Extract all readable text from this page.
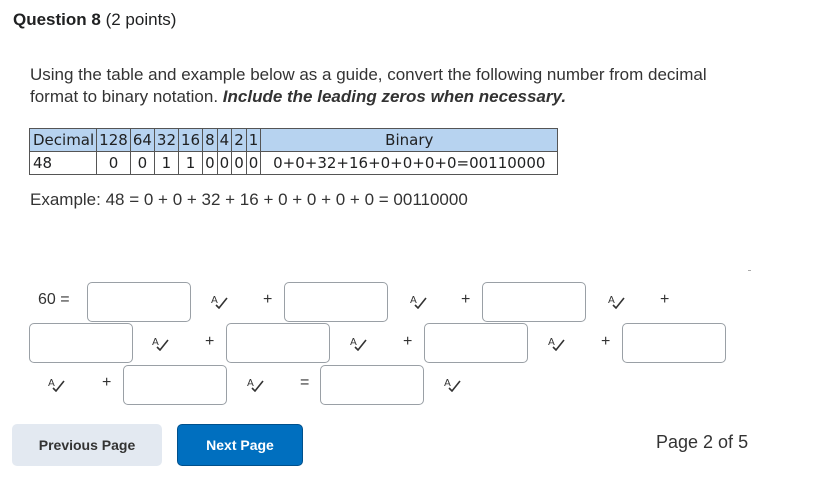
Question 8 (2 points)
Using the table and example below as a guide, convert the following number from decimal format to binary notation. Include the leading zeros when necessary.
Decimal	128	64	32	16	8	4	2	1	Binary
48	0	0	1	1	0	0	0	0	0+0+32+16+0+0+0+0=00110000
Example: 48 = 0 + 0 + 32 + 16 + 0 + 0 + 0 + 0 = 00110000
60 =	A	+	A	+	A	+
A	+	A	+	A	+
A	+	A	=	A
Previous Page	Next Page	Page 2 of 5
